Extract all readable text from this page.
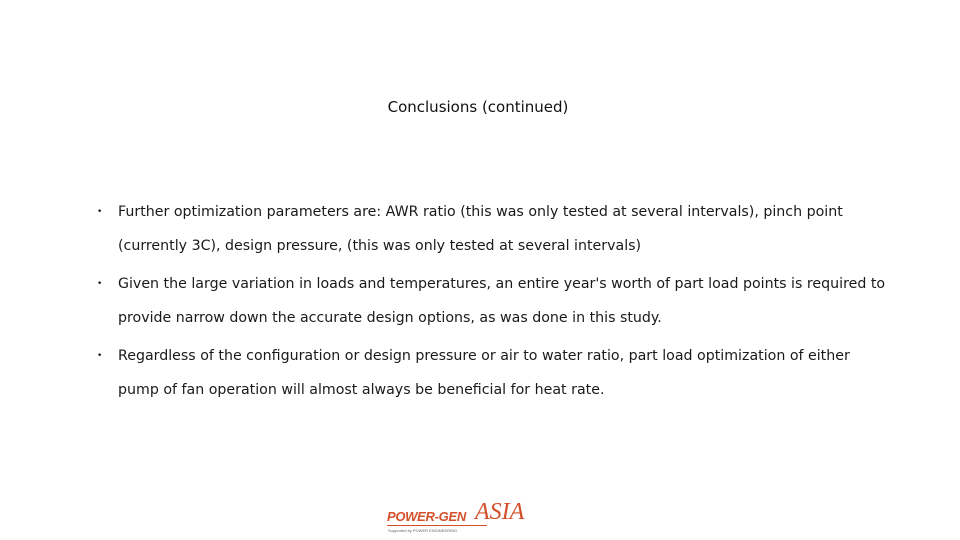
Conclusions (continued)
• Further optimization parameters are: AWR ratio (this was only tested at several intervals), pinch point (currently 3C), design pressure, (this was only tested at several intervals)
• Given the large variation in loads and temperatures, an entire year's worth of part load points is required to provide narrow down the accurate design options, as was done in this study.
• Regardless of the configuration or design pressure or air to water ratio, part load optimization of either pump of fan operation will almost always be beneficial for heat rate.
POWER-GEN ASIA
Supported by POWER ENGINEERING
